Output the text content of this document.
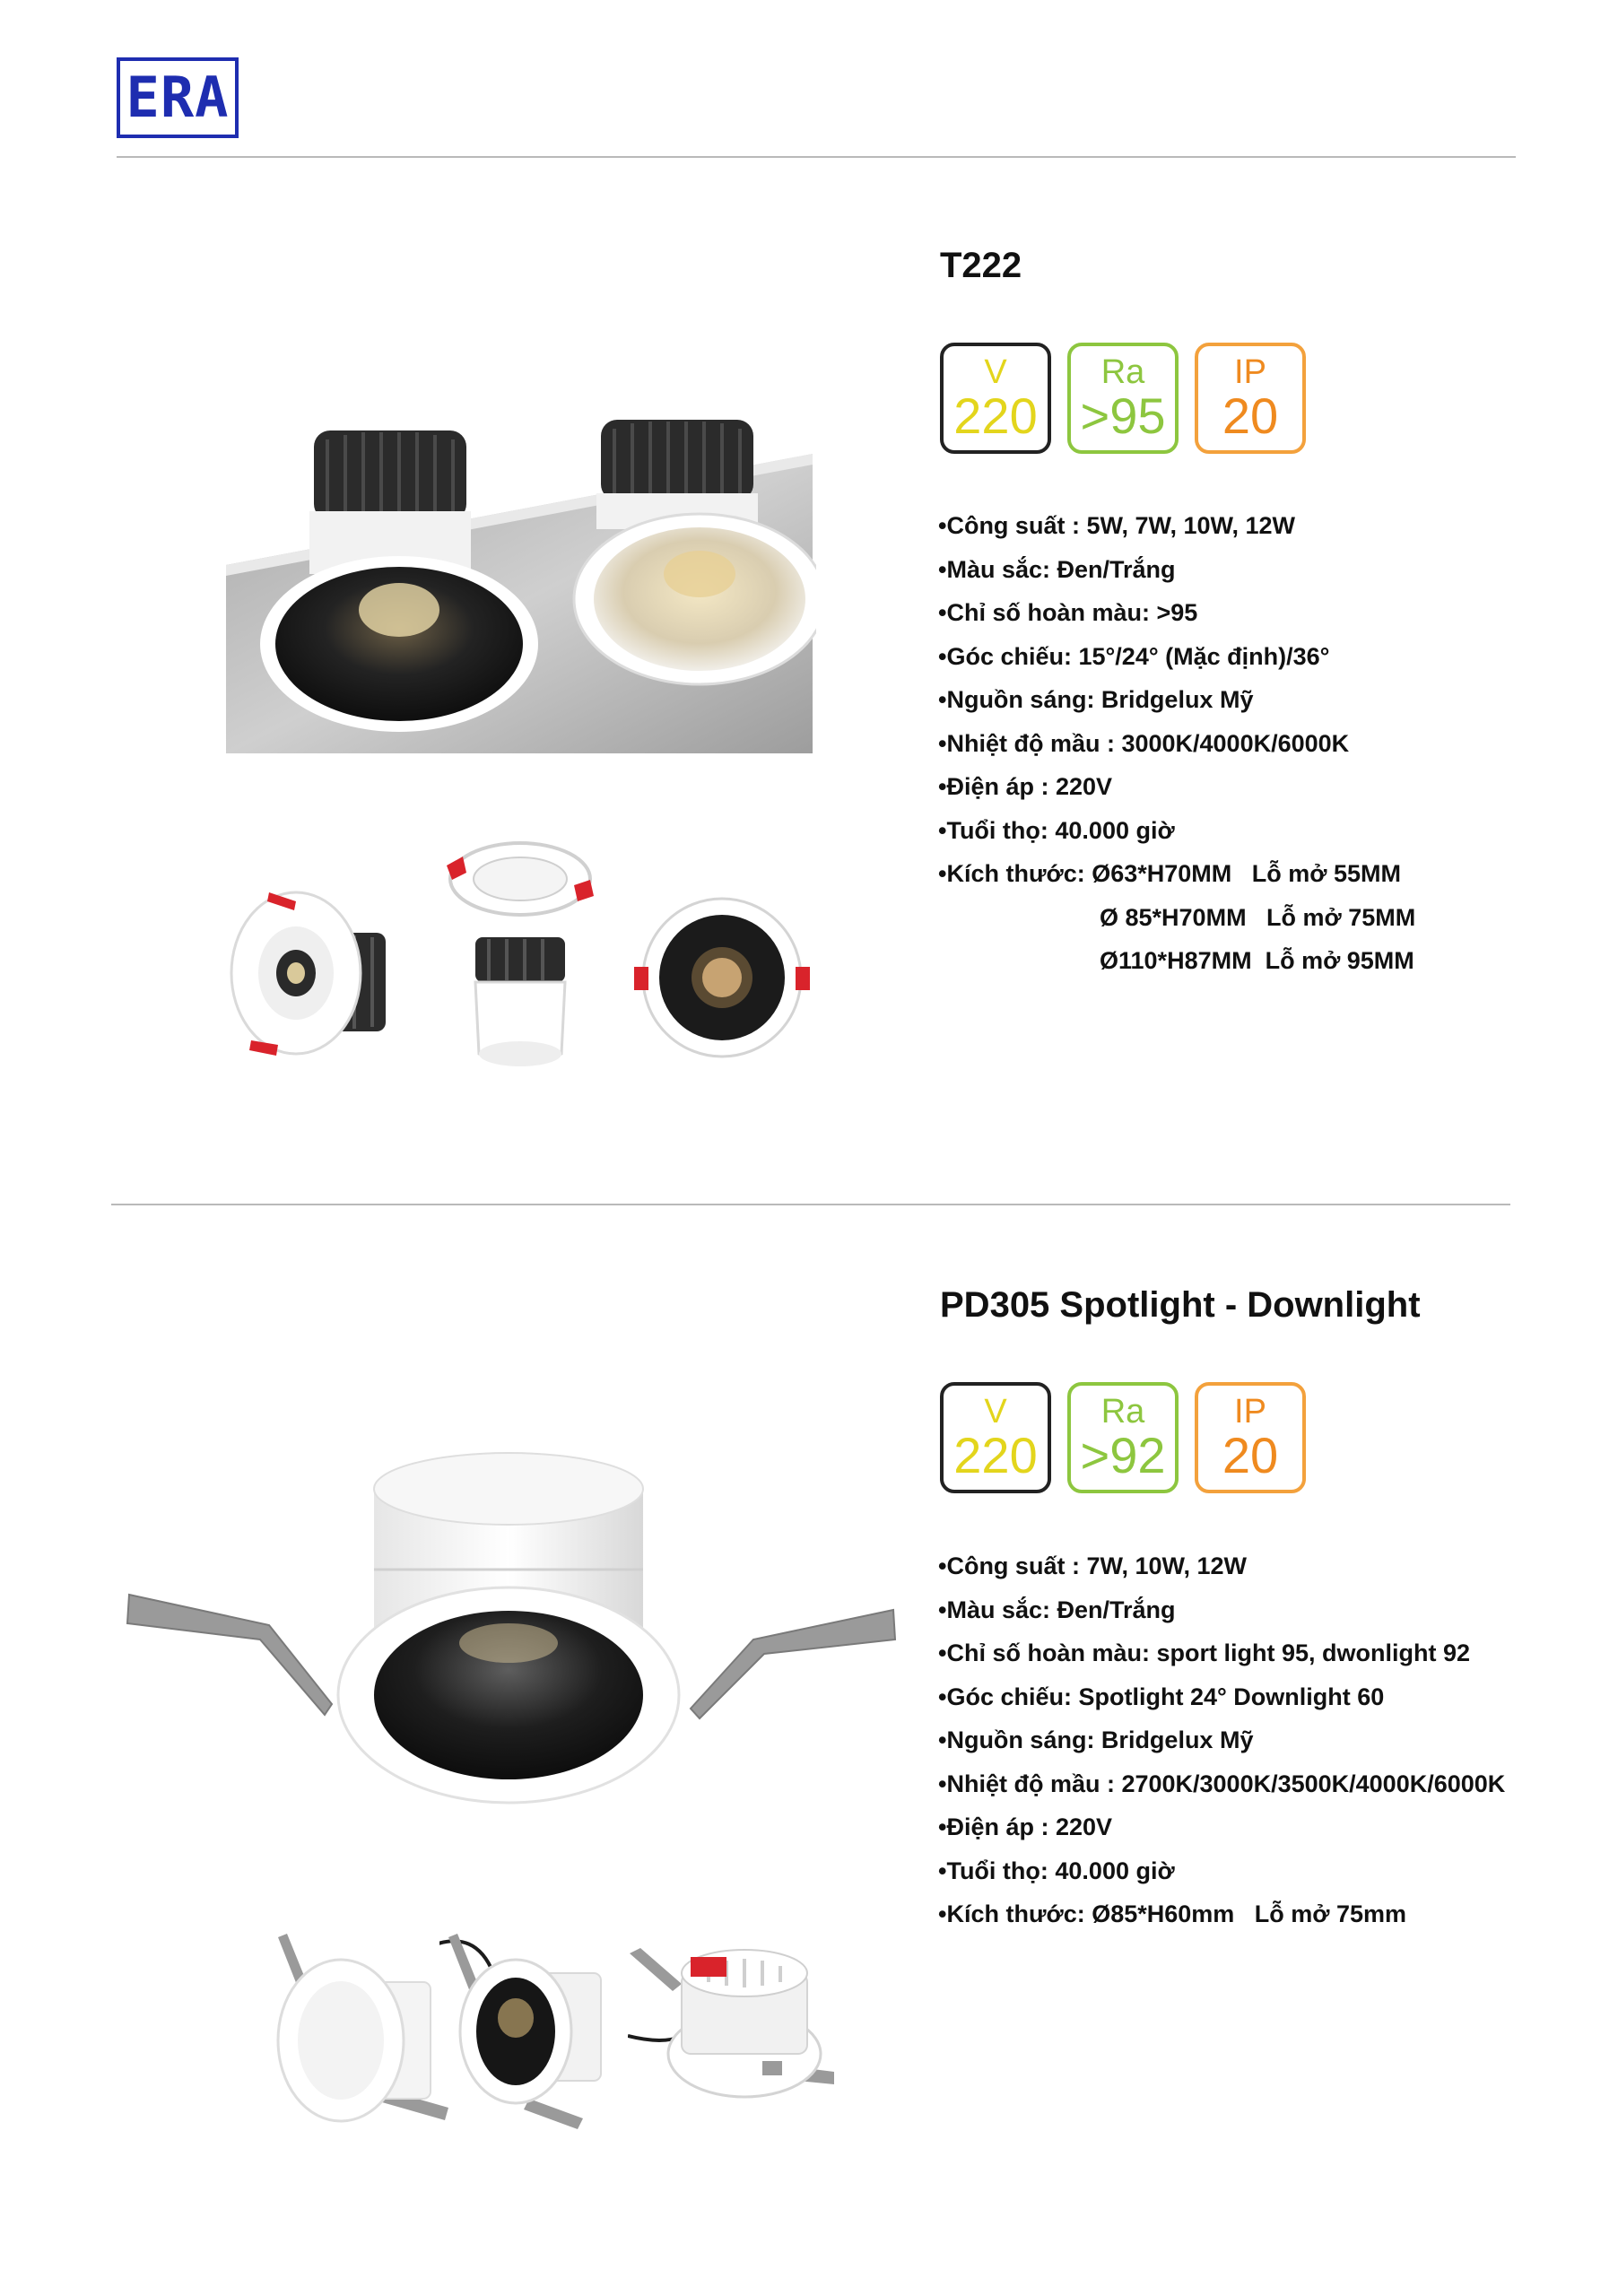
ERA
T222
V
220
Ra
>95
IP
20
•Công suất : 5W, 7W, 10W, 12W
•Màu sắc: Đen/Trắng
•Chỉ số hoàn màu: >95
•Góc chiếu: 15°/24° (Mặc định)/36°
•Nguồn sáng: Bridgelux Mỹ
•Nhiệt độ mầu : 3000K/4000K/6000K
•Điện áp : 220V
•Tuổi thọ: 40.000 giờ
•Kích thước: Ø63*H70MM   Lỗ mở 55MM
Ø 85*H70MM   Lỗ mở 75MM
Ø110*H87MM  Lỗ mở 95MM
PD305 Spotlight - Downlight
V
220
Ra
>92
IP
20
•Công suất : 7W, 10W, 12W
•Màu sắc: Đen/Trắng
•Chỉ số hoàn màu: sport light 95, dwonlight 92
•Góc chiếu: Spotlight 24° Downlight 60
•Nguồn sáng: Bridgelux Mỹ
•Nhiệt độ mầu : 2700K/3000K/3500K/4000K/6000K
•Điện áp : 220V
•Tuổi thọ: 40.000 giờ
•Kích thước: Ø85*H60mm   Lỗ mở 75mm
